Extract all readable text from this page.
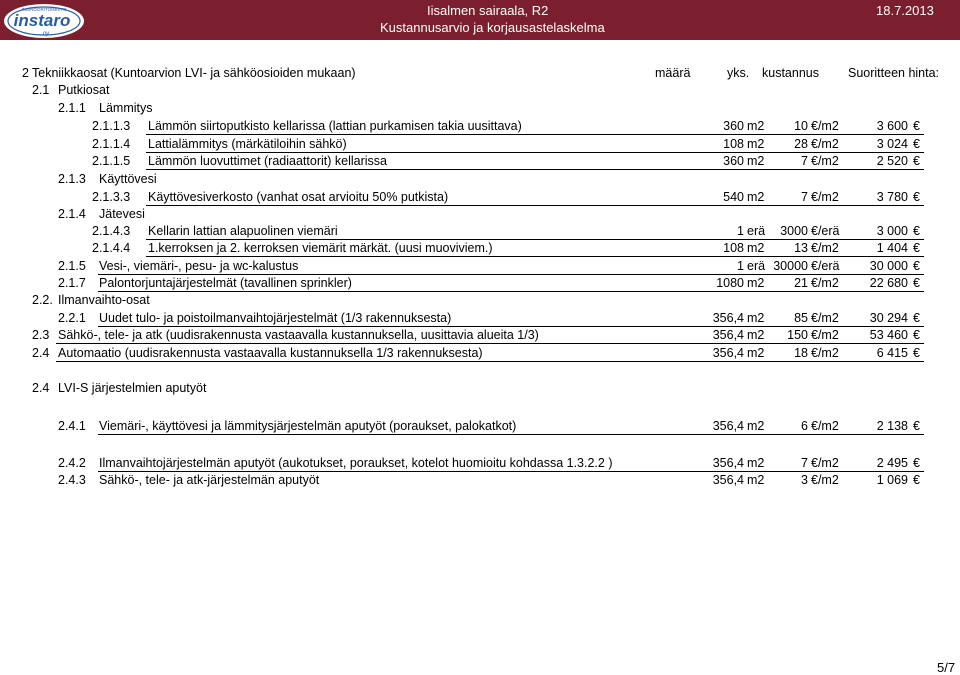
INSINÖÖRITOIMISTO
instaro
oy
Iisalmen sairaala, R2
Kustannusarvio ja korjausastelaskelma
18.7.2013
2 Tekniikkaosat (Kuntoarvion LVI- ja sähköosioiden mukaan)	määrä	yks. kustannus Suoritteen hinta:
2.1 Putkiosat
2.1.1 Lämmitys
2.1.1.3 Lämmön siirtoputkisto kellarissa (lattian purkamisen takia uusittava)	360 m2 10 €/m2	3 600 €
2.1.1.4 Lattialämmitys (märkätiloihin sähkö)	108 m2 28 €/m2	3 024 €
2.1.1.5 Lämmön luovuttimet (radiaattorit) kellarissa	360 m2	7 €/m2	2 520 €
2.1.3 Käyttövesi
2.1.3.3 Käyttövesiverkosto (vanhat osat arvioitu 50% putkista)	540 m2	7 €/m2	3 780 €
2.1.4 Jätevesi
2.1.4.3 Kellarin lattian alapuolinen viemäri	1 erä 3000 €/erä	3 000 €
2.1.4.4 1.kerroksen ja 2. kerroksen viemärit märkät. (uusi muoviviem.)	108 m2 13 €/m2	1 404 €
2.1.5 Vesi-, viemäri-, pesu- ja wc-kalustus	1 erä 30000 €/erä 30 000 €
2.1.7 Palontorjuntajärjestelmät (tavallinen sprinkler)	1080 m2 21 €/m2 22 680 €
2.2. Ilmanvaihto-osat
2.2.1 Uudet tulo- ja poistoilmanvaihtojärjestelmät (1/3 rakennuksesta)	356,4 m2 85 €/m2 30 294 €
2.3 Sähkö-, tele- ja atk (uudisrakennusta vastaavalla kustannuksella, uusittavia alueita 1/3)	356,4 m2 150 €/m2 53 460 €
2.4 Automaatio (uudisrakennusta vastaavalla kustannuksella 1/3 rakennuksesta)	356,4 m2 18 €/m2	6 415 €
2.4 LVI-S järjestelmien aputyöt
2.4.1 Viemäri-, käyttövesi ja lämmitysjärjestelmän aputyöt (poraukset, palokatkot)	356,4 m2	6 €/m2	2 138 €
2.4.2 Ilmanvaihtojärjestelmän aputyöt (aukotukset, poraukset, kotelot huomioitu kohdassa 1.3.2.2 )	356,4 m2	7 €/m2	2 495 €
2.4.3 Sähkö-, tele- ja atk-järjestelmän aputyöt	356,4 m2	3 €/m2	1 069 €
5/7
